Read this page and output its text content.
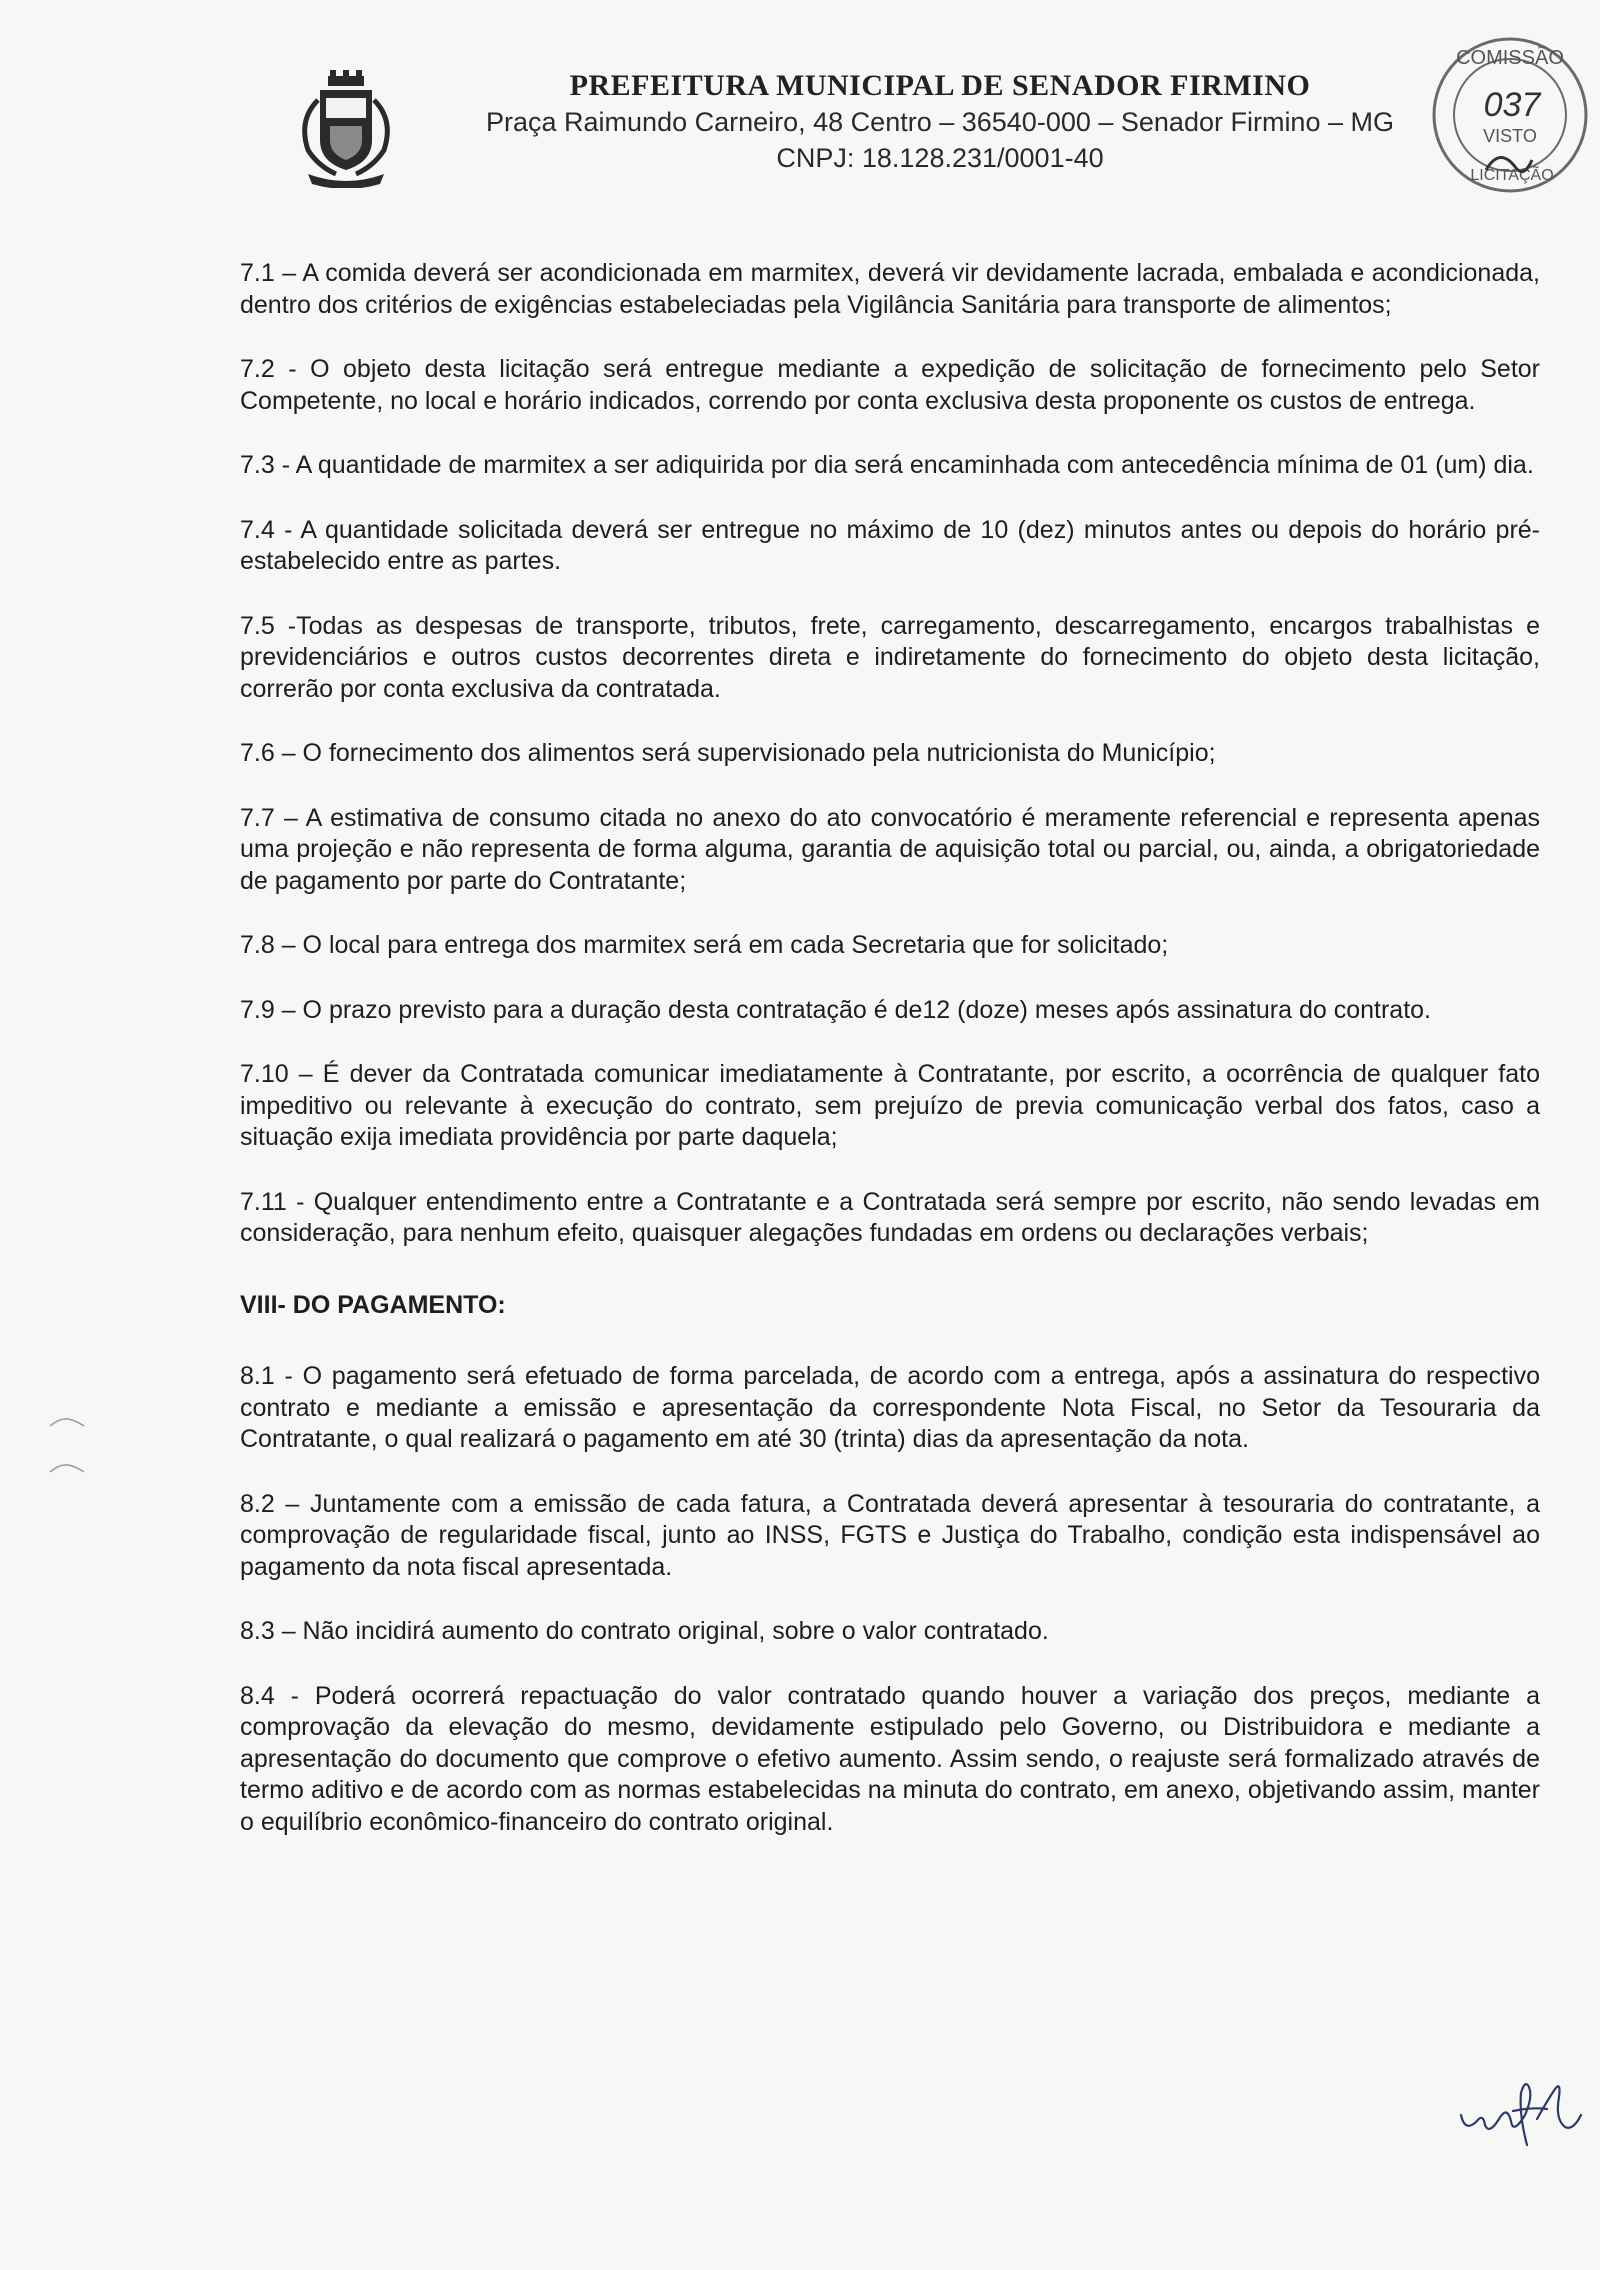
PREFEITURA MUNICIPAL DE SENADOR FIRMINO
Praça Raimundo Carneiro, 48 Centro – 36540-000 – Senador Firmino – MG
CNPJ: 18.128.231/0001-40
COMISSÃO
037
VISTO
LICITAÇÃO

7.1 – A comida deverá ser acondicionada em marmitex, deverá vir devidamente lacrada, embalada e acondicionada, dentro dos critérios de exigências estabeleciadas pela Vigilância Sanitária para transporte de alimentos;

7.2 - O objeto desta licitação será entregue mediante a expedição de solicitação de fornecimento pelo Setor Competente, no local e horário indicados, correndo por conta exclusiva desta proponente os custos de entrega.

7.3 - A quantidade de marmitex a ser adiquirida por dia será encaminhada com antecedência mínima de 01 (um) dia.

7.4 - A quantidade solicitada deverá ser entregue no máximo de 10 (dez) minutos antes ou depois do horário pré-estabelecido entre as partes.

7.5 -Todas as despesas de transporte, tributos, frete, carregamento, descarregamento, encargos trabalhistas e previdenciários e outros custos decorrentes direta e indiretamente do fornecimento do objeto desta licitação, correrão por conta exclusiva da contratada.

7.6 – O fornecimento dos alimentos será supervisionado pela nutricionista do Município;

7.7 – A estimativa de consumo citada no anexo do ato convocatório é meramente referencial e representa apenas uma projeção e não representa de forma alguma, garantia de aquisição total ou parcial, ou, ainda, a obrigatoriedade de pagamento por parte do Contratante;

7.8 – O local para entrega dos marmitex será em cada Secretaria que for solicitado;

7.9 – O prazo previsto para a duração desta contratação é de12 (doze) meses após assinatura do contrato.

7.10 – É dever da Contratada comunicar imediatamente à Contratante, por escrito, a ocorrência de qualquer fato impeditivo ou relevante à execução do contrato, sem prejuízo de previa comunicação verbal dos fatos, caso a situação exija imediata providência por parte daquela;

7.11 - Qualquer entendimento entre a Contratante e a Contratada será sempre por escrito, não sendo levadas em consideração, para nenhum efeito, quaisquer alegações fundadas em ordens ou declarações verbais;

VIII- DO PAGAMENTO:

8.1 - O pagamento será efetuado de forma parcelada, de acordo com a entrega, após a assinatura do respectivo contrato e mediante a emissão e apresentação da correspondente Nota Fiscal, no Setor da Tesouraria da Contratante, o qual realizará o pagamento em até 30 (trinta) dias da apresentação da nota.

8.2 – Juntamente com a emissão de cada fatura, a Contratada deverá apresentar à tesouraria do contratante, a comprovação de regularidade fiscal, junto ao INSS, FGTS e Justiça do Trabalho, condição esta indispensável ao pagamento da nota fiscal apresentada.

8.3 – Não incidirá aumento do contrato original, sobre o valor contratado.

8.4 - Poderá ocorrerá repactuação do valor contratado quando houver a variação dos preços, mediante a comprovação da elevação do mesmo, devidamente estipulado pelo Governo, ou Distribuidora e mediante a apresentação do documento que comprove o efetivo aumento. Assim sendo, o reajuste será formalizado através de termo aditivo e de acordo com as normas estabelecidas na minuta do contrato, em anexo, objetivando assim, manter o equilíbrio econômico-financeiro do contrato original.
